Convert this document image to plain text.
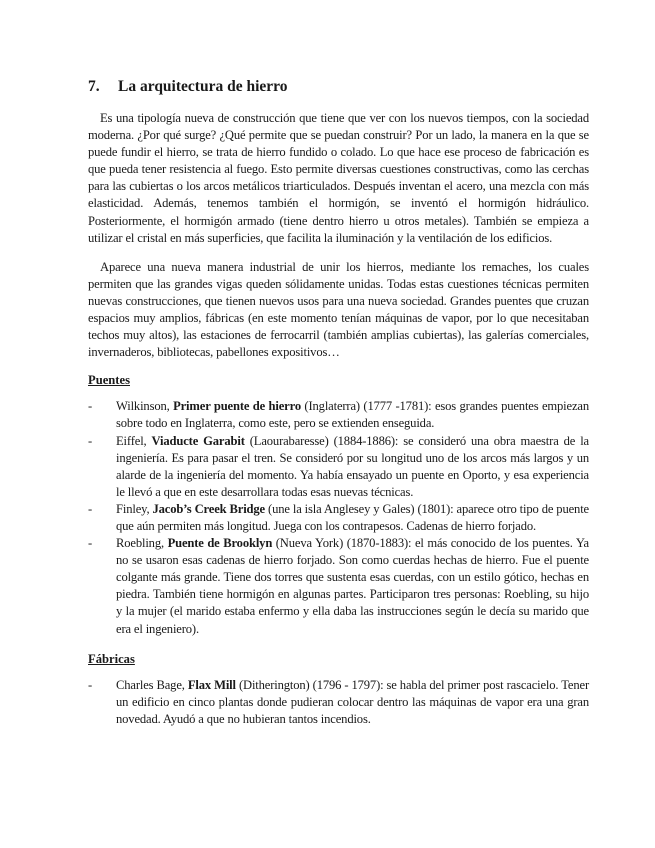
7.	La arquitectura de hierro

Es una tipología nueva de construcción que tiene que ver con los nuevos tiempos, con la sociedad moderna. ¿Por qué surge? ¿Qué permite que se puedan construir? Por un lado, la manera en la que se puede fundir el hierro, se trata de hierro fundido o colado. Lo que hace ese proceso de fabricación es que pueda tener resistencia al fuego. Esto permite diversas cuestiones constructivas, como las cerchas para las cubiertas o los arcos metálicos triarticulados. Después inventan el acero, una mezcla con más elasticidad. Además, tenemos también el hormigón, se inventó el hormigón hidráulico. Posteriormente, el hormigón armado (tiene dentro hierro u otros metales). También se empieza a utilizar el cristal en más superficies, que facilita la iluminación y la ventilación de los edificios.

Aparece una nueva manera industrial de unir los hierros, mediante los remaches, los cuales permiten que las grandes vigas queden sólidamente unidas. Todas estas cuestiones técnicas permiten nuevas construcciones, que tienen nuevos usos para una nueva sociedad. Grandes puentes que cruzan espacios muy amplios, fábricas (en este momento tenían máquinas de vapor, por lo que necesitaban techos muy altos), las estaciones de ferrocarril (también amplias cubiertas), las galerías comerciales, invernaderos, bibliotecas, pabellones expositivos…

Puentes
- Wilkinson, Primer puente de hierro (Inglaterra) (1777 -1781): esos grandes puentes empiezan sobre todo en Inglaterra, como este, pero se extienden enseguida.
- Eiffel, Viaducte Garabit (Laourabaresse) (1884-1886): se consideró una obra maestra de la ingeniería. Es para pasar el tren. Se consideró por su longitud uno de los arcos más largos y un alarde de la ingeniería del momento. Ya había ensayado un puente en Oporto, y esa experiencia le llevó a que en este desarrollara todas esas nuevas técnicas.
- Finley, Jacob’s Creek Bridge (une la isla Anglesey y Gales) (1801): aparece otro tipo de puente que aún permiten más longitud. Juega con los contrapesos. Cadenas de hierro forjado.
- Roebling, Puente de Brooklyn (Nueva York) (1870-1883): el más conocido de los puentes. Ya no se usaron esas cadenas de hierro forjado. Son como cuerdas hechas de hierro. Fue el puente colgante más grande. Tiene dos torres que sustenta esas cuerdas, con un estilo gótico, hechas en piedra. También tiene hormigón en algunas partes. Participaron tres personas: Roebling, su hijo y la mujer (el marido estaba enfermo y ella daba las instrucciones según le decía su marido que era el ingeniero).
Fábricas
- Charles Bage, Flax Mill (Ditherington) (1796 - 1797): se habla del primer post rascacielo. Tener un edificio en cinco plantas donde pudieran colocar dentro las máquinas de vapor era una gran novedad. Ayudó a que no hubieran tantos incendios.
